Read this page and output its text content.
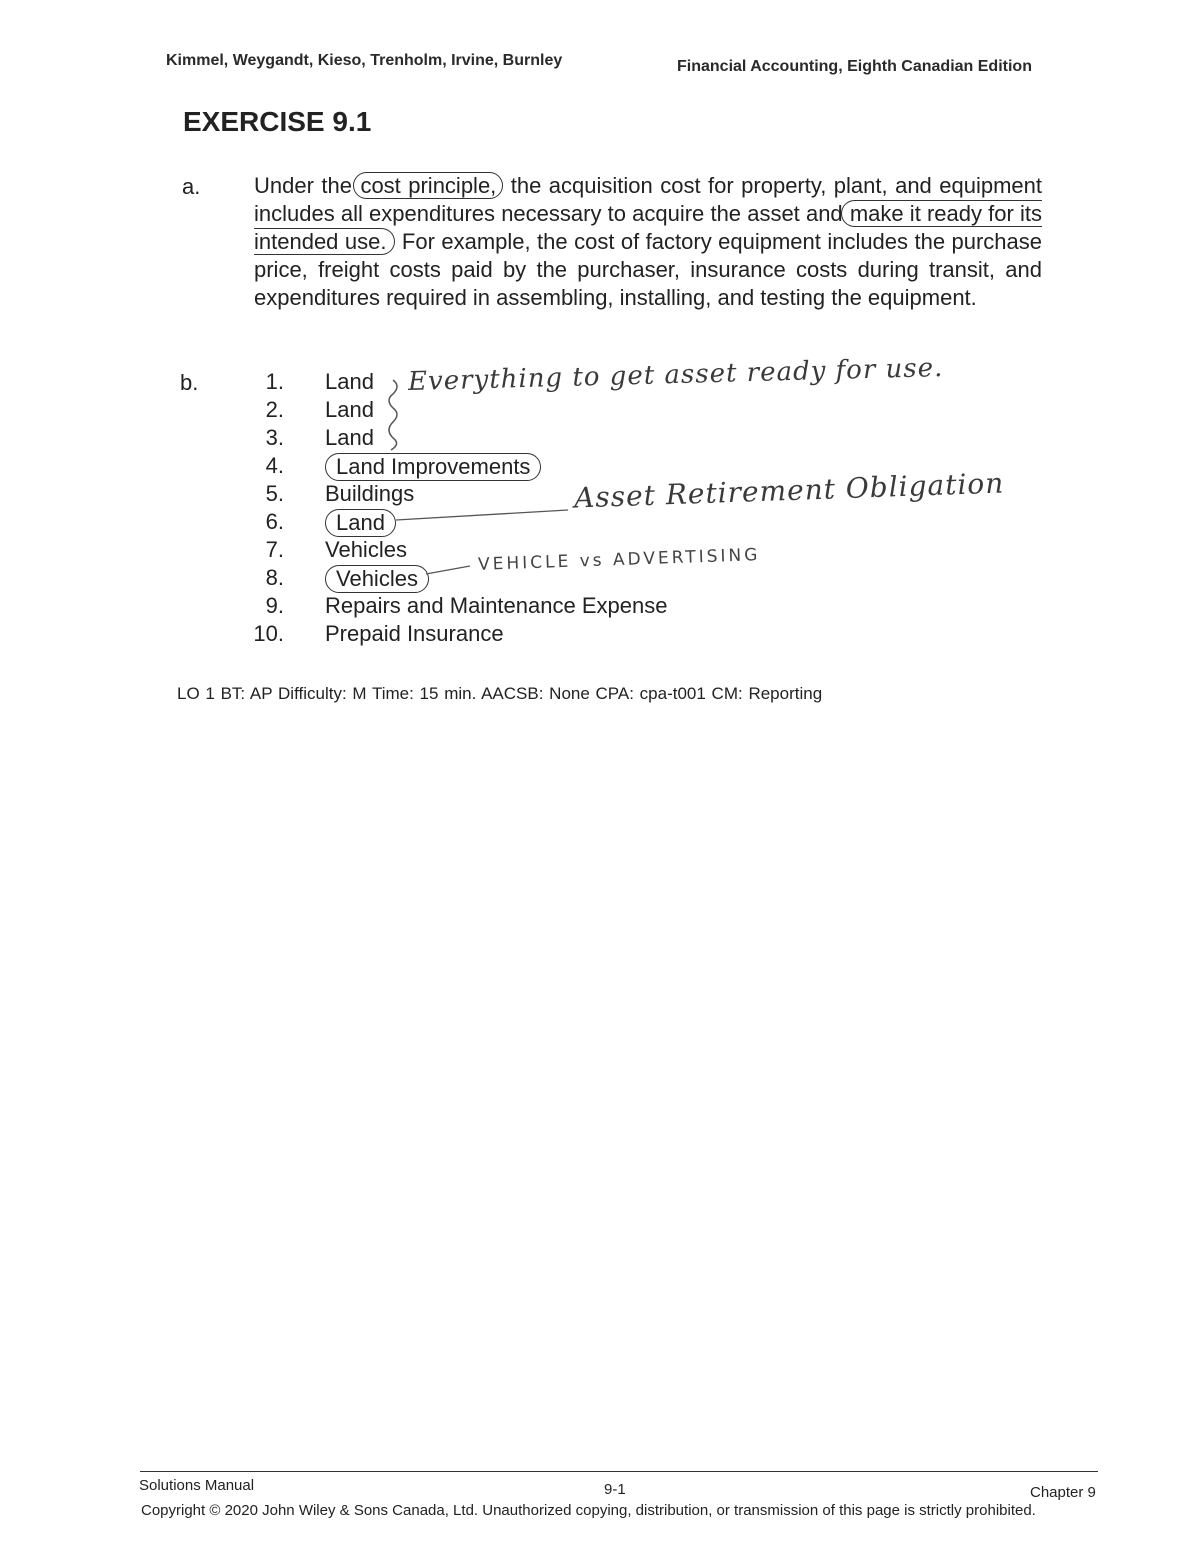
Kimmel, Weygandt, Kieso, Trenholm, Irvine, Burnley	Financial Accounting, Eighth Canadian Edition
EXERCISE 9.1
a. Under the cost principle, the acquisition cost for property, plant, and equipment includes all expenditures necessary to acquire the asset and make it ready for its intended use. For example, the cost of factory equipment includes the purchase price, freight costs paid by the purchaser, insurance costs during transit, and expenditures required in assembling, installing, and testing the equipment.
b.	1. Land
2. Land
3. Land
4.	Land Improvements
5. Buildings
6.	Land
7. Vehicles
8.	Vehicles
9. Repairs and Maintenance Expense
10. Prepaid Insurance
Everything to get asset ready for use.
Asset Retirement Obligation
VEHICLE vs ADVERTISING
LO 1 BT: AP Difficulty: M Time: 15 min. AACSB: None CPA: cpa-t001 CM: Reporting
Solutions Manual	9-1	Chapter 9
Copyright © 2020 John Wiley & Sons Canada, Ltd. Unauthorized copying, distribution, or transmission of this page is strictly prohibited.
